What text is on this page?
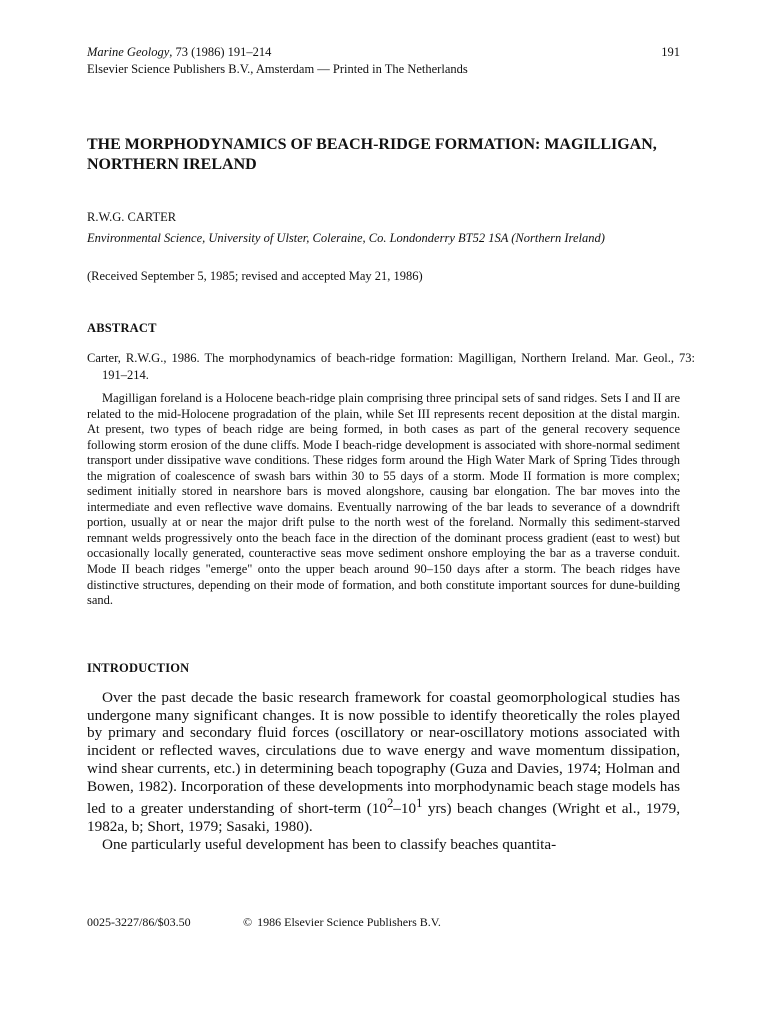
Marine Geology, 73 (1986) 191–214	191
Elsevier Science Publishers B.V., Amsterdam — Printed in The Netherlands
THE MORPHODYNAMICS OF BEACH-RIDGE FORMATION: MAGILLIGAN, NORTHERN IRELAND
R.W.G. CARTER
Environmental Science, University of Ulster, Coleraine, Co. Londonderry BT52 1SA (Northern Ireland)
(Received September 5, 1985; revised and accepted May 21, 1986)
ABSTRACT

Carter, R.W.G., 1986. The morphodynamics of beach-ridge formation: Magilligan, Northern Ireland. Mar. Geol., 73: 191–214.

Magilligan foreland is a Holocene beach-ridge plain comprising three principal sets of sand ridges. Sets I and II are related to the mid-Holocene progradation of the plain, while Set III represents recent deposition at the distal margin. At present, two types of beach ridge are being formed, in both cases as part of the general recovery sequence following storm erosion of the dune cliffs. Mode I beach-ridge development is associated with shore-normal sediment transport under dissipative wave conditions. These ridges form around the High Water Mark of Spring Tides through the migration of coalescence of swash bars within 30 to 55 days of a storm. Mode II formation is more complex; sediment initially stored in nearshore bars is moved alongshore, causing bar elongation. The bar moves into the intermediate and even reflective wave domains. Eventually narrowing of the bar leads to severance of a downdrift portion, usually at or near the major drift pulse to the north west of the foreland. Normally this sediment-starved remnant welds progressively onto the beach face in the direction of the dominant process gradient (east to west) but occasionally locally generated, counteractive seas move sediment onshore employing the bar as a traverse conduit. Mode II beach ridges "emerge" onto the upper beach around 90–150 days after a storm. The beach ridges have distinctive structures, depending on their mode of formation, and both constitute important sources for dune-building sand.

INTRODUCTION

Over the past decade the basic research framework for coastal geomorphological studies has undergone many significant changes. It is now possible to identify theoretically the roles played by primary and secondary fluid forces (oscillatory or near-oscillatory motions associated with incident or reflected waves, circulations due to wave energy and wave momentum dissipation, wind shear currents, etc.) in determining beach topography (Guza and Davies, 1974; Holman and Bowen, 1982). Incorporation of these developments into morphodynamic beach stage models has led to a greater understanding of short-term ($10^2-10^1$ yrs) beach changes (Wright et al., 1979, 1982a, b; Short, 1979; Sasaki, 1980).

One particularly useful development has been to classify beaches quantita-

0025-3227/86/$03.50	© 1986 Elsevier Science Publishers B.V.
